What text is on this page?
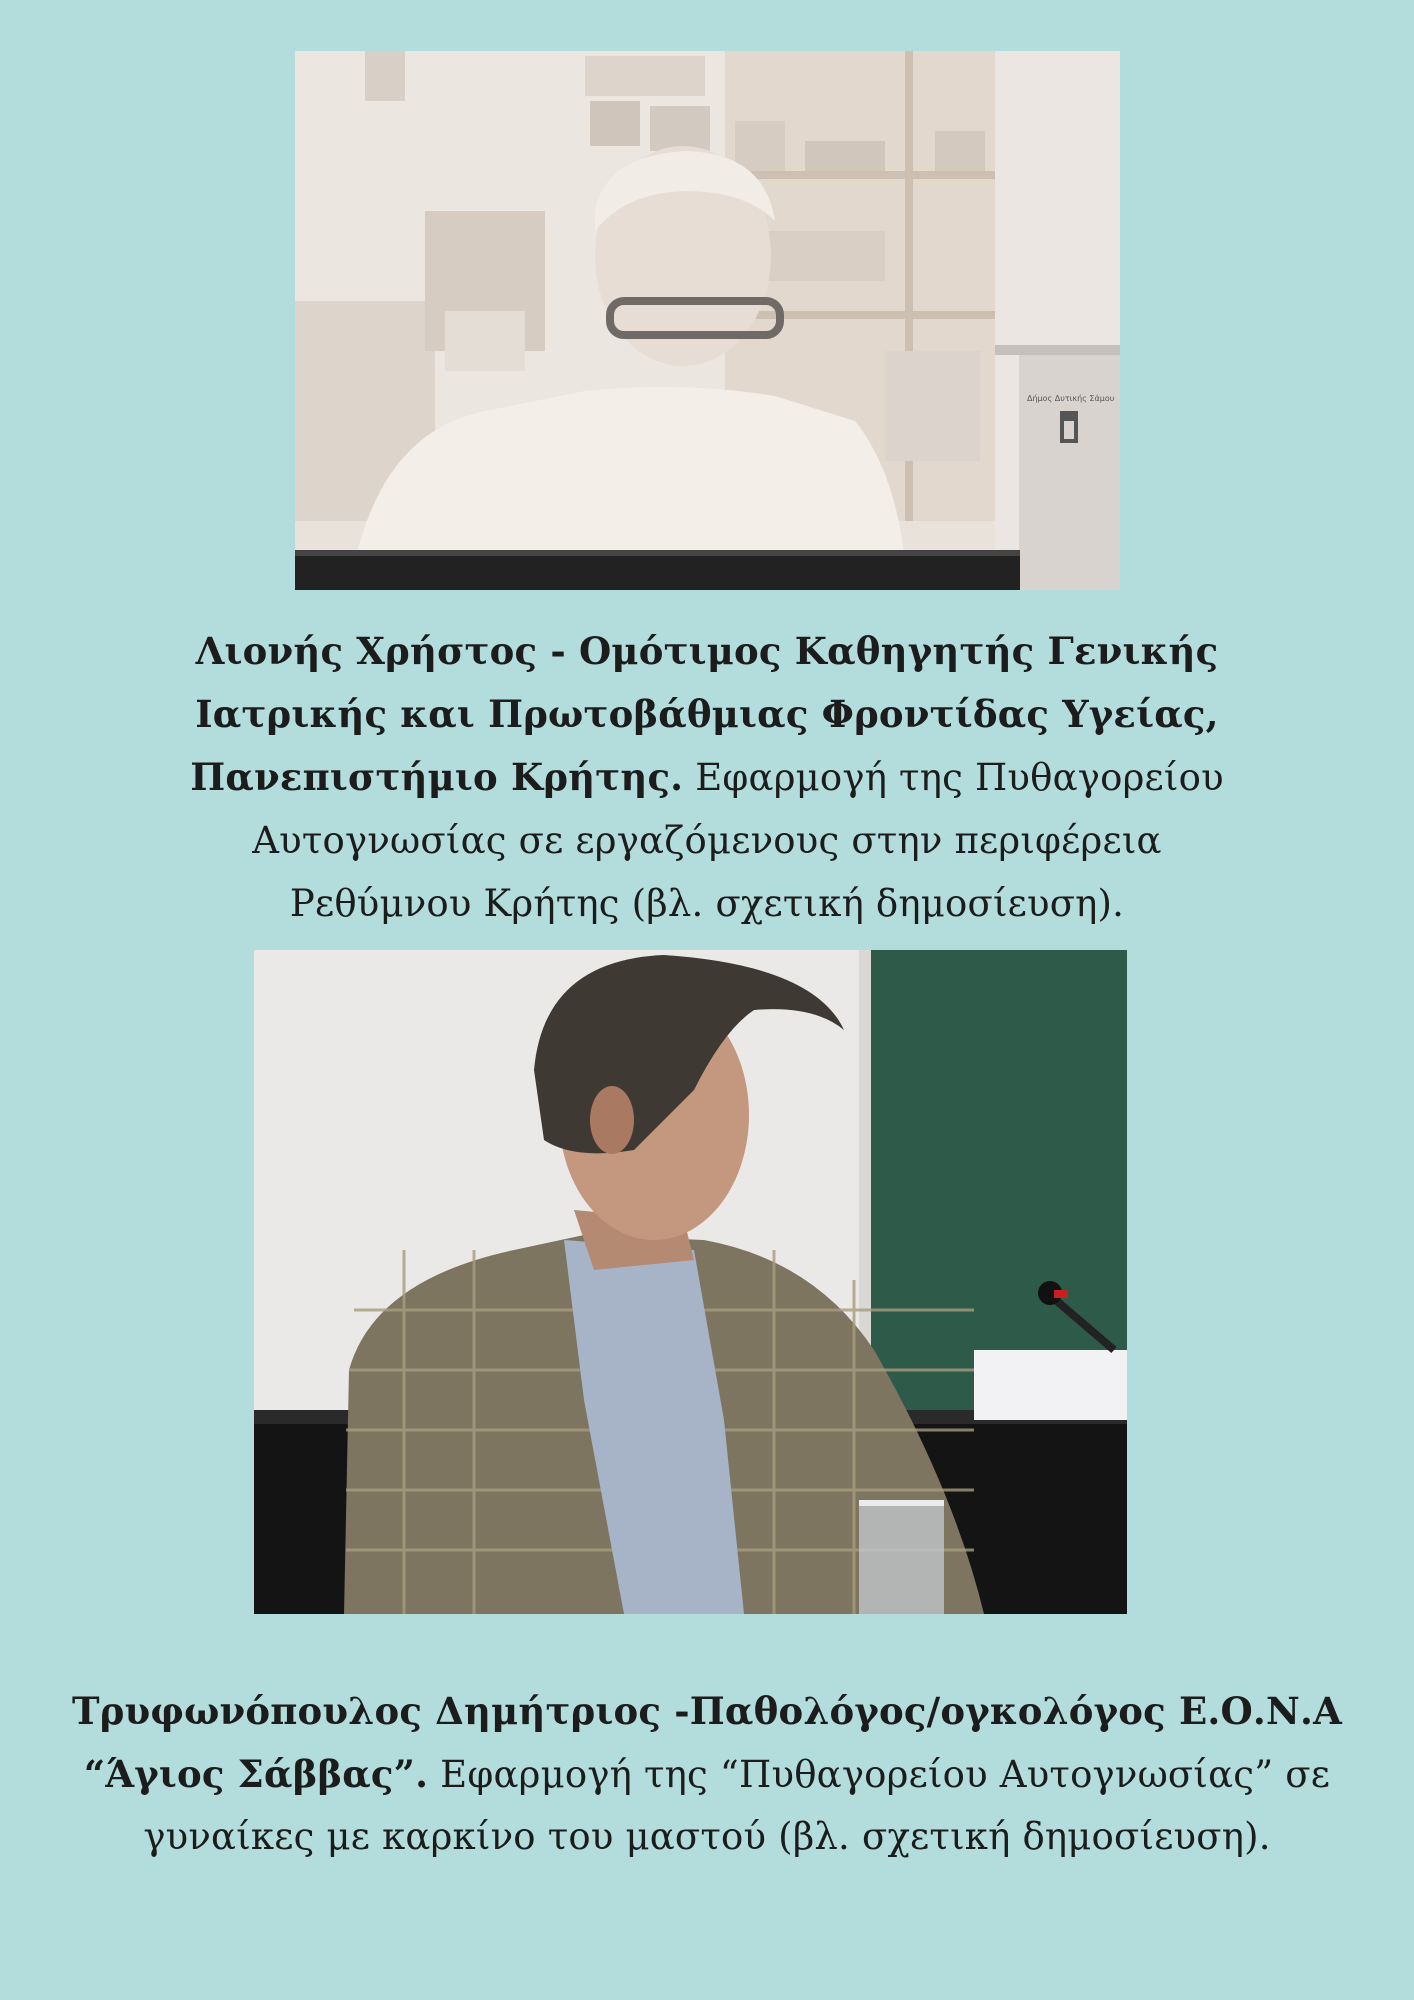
Δήμος Δυτικής Σάμου
Λιονής Χρήστος - Ομότιμος Καθηγητής Γενικής
Ιατρικής και Πρωτοβάθμιας Φροντίδας Υγείας,
Πανεπιστήμιο Κρήτης. Εφαρμογή της Πυθαγορείου
Αυτογνωσίας σε εργαζόμενους στην περιφέρεια
Ρεθύμνου Κρήτης (βλ. σχετική δημοσίευση).
Τρυφωνόπουλος Δημήτριος -Παθολόγος/ογκολόγος Ε.Ο.Ν.Α
“Άγιος Σάββας”. Εφαρμογή της “Πυθαγορείου Αυτογνωσίας” σε
γυναίκες με καρκίνο του μαστού (βλ. σχετική δημοσίευση).
